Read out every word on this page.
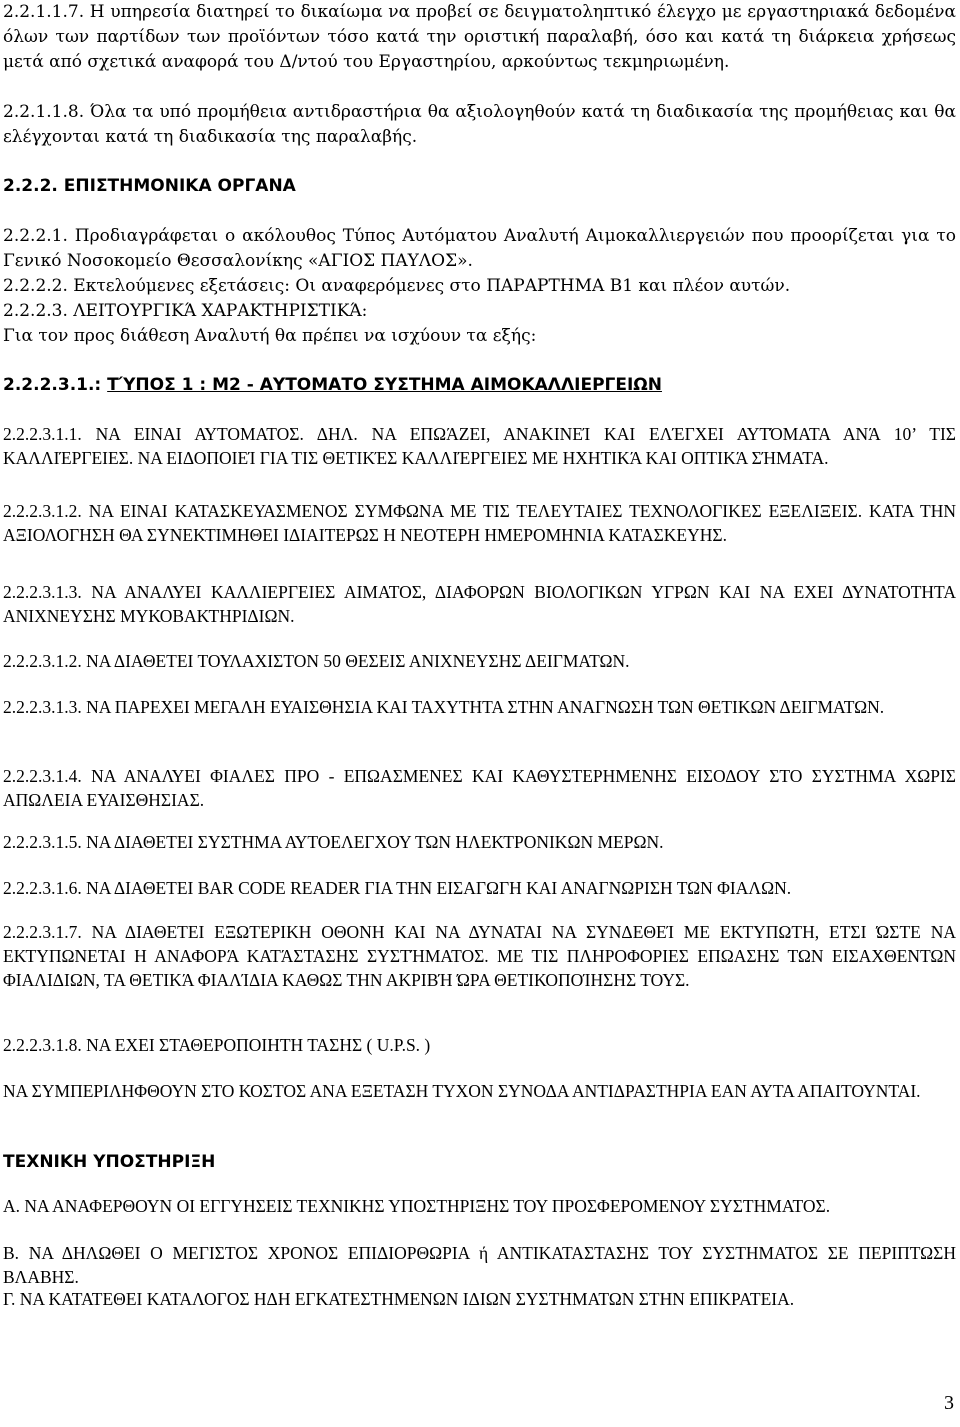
2.2.1.1.7. Η υπηρεσία διατηρεί το δικαίωμα να προβεί σε δειγματοληπτικό έλεγχο με εργαστηριακά δεδομένα όλων των παρτίδων των προϊόντων τόσο κατά την οριστική παραλαβή, όσο και κατά τη διάρκεια χρήσεως μετά από σχετικά αναφορά του Δ/ντού του Εργαστηρίου, αρκούντως τεκμηριωμένη.

2.2.1.1.8. Όλα τα υπό προμήθεια αντιδραστήρια θα αξιολογηθούν κατά τη διαδικασία της προμήθειας και θα ελέγχονται κατά τη διαδικασία της παραλαβής.

2.2.2. ΕΠΙΣΤΗΜΟΝΙΚΑ ΟΡΓΑΝΑ

2.2.2.1. Προδιαγράφεται ο ακόλουθος Τύπος Αυτόματου Αναλυτή Αιμοκαλλιεργειών που προορίζεται για το Γενικό Νοσοκομείο Θεσσαλονίκης «ΑΓΙΟΣ ΠΑΥΛΟΣ».

2.2.2.2. Εκτελούμενες εξετάσεις: Οι αναφερόμενες στο ΠΑΡΑΡΤΗΜΑ Β1 και πλέον αυτών.

2.2.2.3. ΛΕΙΤΟΥΡΓΙΚΆ ΧΑΡΑΚΤΗΡΙΣΤΙΚΆ:

Για τον προς διάθεση Αναλυτή θα πρέπει να ισχύουν τα εξής:

2.2.2.3.1.: ΤΎΠΟΣ 1 : Μ2 - ΑΥΤΟΜΑΤΟ ΣΥΣΤΗΜΑ ΑΙΜΟΚΑΛΛΙΕΡΓΕΙΩΝ

2.2.2.3.1.1. ΝΑ ΕΙΝΑΙ ΑΥΤΟΜΑΤΟΣ. ΔΗΛ. ΝΑ ΕΠΩΆΖΕΙ, ΑΝΑΚΙΝΕΊ ΚΑΙ ΕΛΈΓΧΕΙ ΑΥΤΌΜΑΤΑ ΑΝΆ 10’ ΤΙΣ ΚΑΛΛΙΈΡΓΕΙΕΣ. ΝΑ ΕΙΔΟΠΟΙΕΊ ΓΙΑ ΤΙΣ ΘΕΤΙΚΈΣ ΚΑΛΛΙΈΡΓΕΙΕΣ ΜΕ ΗΧΗΤΙΚΆ ΚΑΙ ΟΠΤΙΚΆ ΣΉΜΑΤΑ.

2.2.2.3.1.2. ΝΑ ΕΙΝΑΙ ΚΑΤΑΣΚΕΥΑΣΜΕΝΟΣ ΣΥΜΦΩΝΑ ΜΕ ΤΙΣ ΤΕΛΕΥΤΑΙΕΣ ΤΕΧΝΟΛΟΓΙΚΕΣ ΕΞΕΛΙΞΕΙΣ. ΚΑΤΑ ΤΗΝ ΑΞΙΟΛΟΓΗΣΗ ΘΑ ΣΥΝΕΚΤΙΜΗΘΕΙ ΙΔΙΑΙΤΕΡΩΣ Η ΝΕΟΤΕΡΗ ΗΜΕΡΟΜΗΝΙΑ ΚΑΤΑΣΚΕΥΗΣ.

2.2.2.3.1.3. ΝΑ ΑΝΑΛΥΕΙ ΚΑΛΛΙΕΡΓΕΙΕΣ ΑΙΜΑΤΟΣ, ΔΙΑΦΟΡΩΝ ΒΙΟΛΟΓΙΚΩΝ ΥΓΡΩΝ ΚΑΙ ΝΑ ΕΧΕΙ ΔΥΝΑΤΟΤΗΤΑ ΑΝΙΧΝΕΥΣΗΣ ΜΥΚΟΒΑΚΤΗΡΙΔΙΩΝ.

2.2.2.3.1.2. ΝΑ ΔΙΑΘΕΤΕΙ ΤΟΥΛΑΧΙΣΤΟΝ 50 ΘΕΣΕΙΣ ΑΝΙΧΝΕΥΣΗΣ ΔΕΙΓΜΑΤΩΝ.

2.2.2.3.1.3. ΝΑ ΠΑΡΕΧΕΙ ΜΕΓΑΛΗ ΕΥΑΙΣΘΗΣΙΑ ΚΑΙ ΤΑΧΥΤΗΤΑ ΣΤΗΝ ΑΝΑΓΝΩΣΗ ΤΩΝ ΘΕΤΙΚΩΝ ΔΕΙΓΜΑΤΩΝ.

2.2.2.3.1.4. ΝΑ ΑΝΑΛΥΕΙ ΦΙΑΛΕΣ ΠΡΟ - ΕΠΩΑΣΜΕΝΕΣ ΚΑΙ ΚΑΘΥΣΤΕΡΗΜΕΝΗΣ ΕΙΣΟΔΟΥ ΣΤΟ ΣΥΣΤΗΜΑ ΧΩΡΙΣ ΑΠΩΛΕΙΑ ΕΥΑΙΣΘΗΣΙΑΣ.

2.2.2.3.1.5. ΝΑ ΔΙΑΘΕΤΕΙ ΣΥΣΤΗΜΑ ΑΥΤΟΕΛΕΓΧΟΥ ΤΩΝ ΗΛΕΚΤΡΟΝΙΚΩΝ ΜΕΡΩΝ.

2.2.2.3.1.6. ΝΑ ΔΙΑΘΕΤΕΙ BAR CODE READER ΓΙΑ ΤΗΝ ΕΙΣΑΓΩΓΗ ΚΑΙ ΑΝΑΓΝΩΡΙΣΗ ΤΩΝ ΦΙΑΛΩΝ.

2.2.2.3.1.7. ΝΑ ΔΙΑΘΕΤΕΙ ΕΞΩΤΕΡΙΚΗ ΟΘΟΝΗ ΚΑΙ ΝΑ ΔΥΝΑΤΑΙ ΝΑ ΣΥΝΔΕΘΕΊ ΜΕ ΕΚΤΥΠΩΤΗ, ΕΤΣΙ ΏΣΤΕ ΝΑ ΕΚΤΥΠΩΝΕΤΑΙ Η ΑΝΑΦΟΡΆ ΚΑΤΆΣΤΑΣΗΣ ΣΥΣΤΉΜΑΤΟΣ. ΜΕ ΤΙΣ ΠΛΗΡΟΦΟΡΙΕΣ ΕΠΩΑΣΗΣ ΤΩΝ ΕΙΣΑΧΘΕΝΤΩΝ ΦΙΑΛΙΔΙΩΝ, ΤΑ ΘΕΤΙΚΆ ΦΙΑΛΊΔΙΑ ΚΑΘΩΣ ΤΗΝ ΑΚΡΙΒΉ ΏΡΑ ΘΕΤΙΚΟΠΟΊΗΣΗΣ ΤΟΥΣ.

2.2.2.3.1.8. ΝΑ ΕΧΕΙ ΣΤΑΘΕΡΟΠΟΙΗΤΗ ΤΑΣΗΣ ( U.P.S. )

ΝΑ ΣΥΜΠΕΡΙΛΗΦΘΟΥΝ ΣΤΟ ΚΟΣΤΟΣ ΑΝΑ ΕΞΕΤΑΣΗ ΤΥΧΟΝ ΣΥΝΟΔΑ ΑΝΤΙΔΡΑΣΤΗΡΙΑ ΕΑΝ ΑΥΤΑ ΑΠΑΙΤΟΥΝΤΑΙ.

ΤΕΧΝΙΚΗ ΥΠΟΣΤΗΡΙΞΗ

Α. ΝΑ ΑΝΑΦΕΡΘΟΥΝ ΟΙ ΕΓΓΥΗΣΕΙΣ ΤΕΧΝΙΚΗΣ ΥΠΟΣΤΗΡΙΞΗΣ ΤΟΥ ΠΡΟΣΦΕΡΟΜΕΝΟΥ ΣΥΣΤΗΜΑΤΟΣ.

Β. ΝΑ ΔΗΛΩΘΕΙ Ο ΜΕΓΙΣΤΟΣ ΧΡΟΝΟΣ ΕΠΙΔΙΟΡΘΩΡΙΑ ή ΑΝΤΙΚΑΤΑΣΤΑΣΗΣ ΤΟΥ ΣΥΣΤΗΜΑΤΟΣ ΣΕ ΠΕΡΙΠΤΩΣΗ ΒΛΑΒΗΣ.

Γ. ΝΑ ΚΑΤΑΤΕΘΕΙ ΚΑΤΑΛΟΓΟΣ ΗΔΗ ΕΓΚΑΤΕΣΤΗΜΕΝΩΝ ΙΔΙΩΝ ΣΥΣΤΗΜΑΤΩΝ ΣΤΗΝ ΕΠΙΚΡΑΤΕΙΑ.

3
